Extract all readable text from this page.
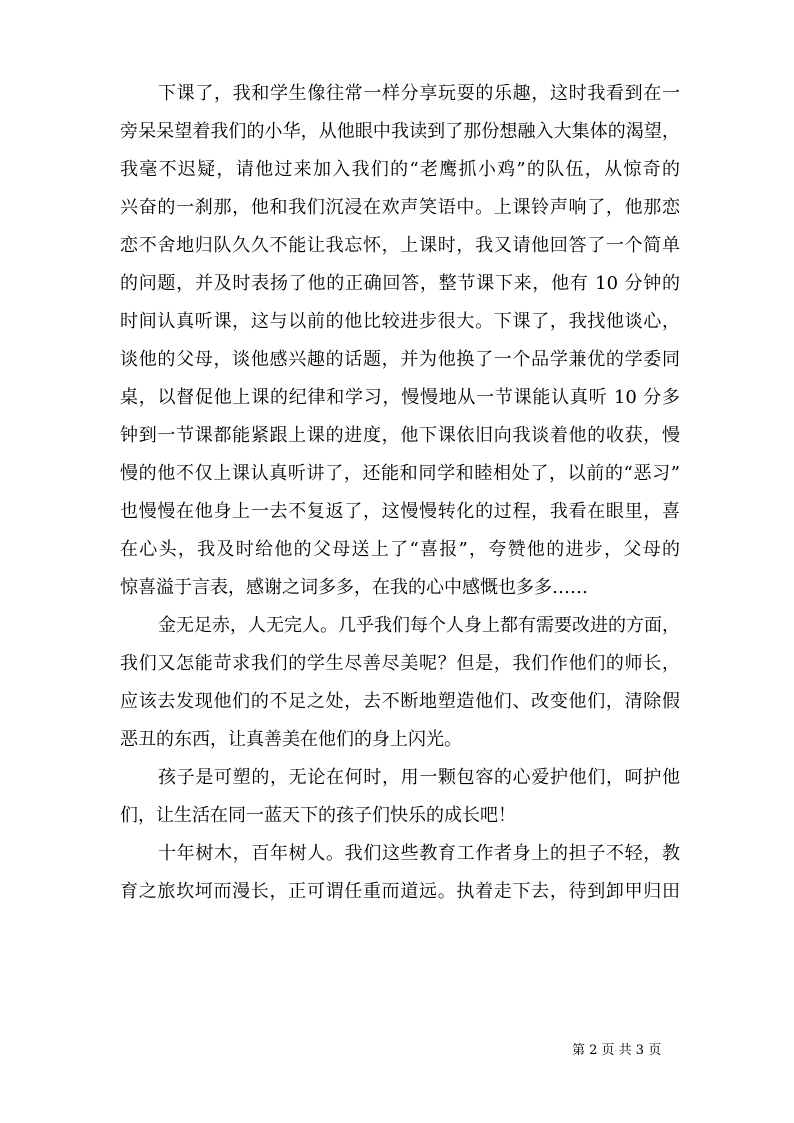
下课了，我和学生像往常一样分享玩耍的乐趣，这时我看到在一
旁呆呆望着我们的小华，从他眼中我读到了那份想融入大集体的渴望，
我毫不迟疑，请他过来加入我们的“老鹰抓小鸡”的队伍，从惊奇的
兴奋的一刹那，他和我们沉浸在欢声笑语中。上课铃声响了，他那恋
恋不舍地归队久久不能让我忘怀，上课时，我又请他回答了一个简单
的问题，并及时表扬了他的正确回答，整节课下来，他有 10 分钟的
时间认真听课，这与以前的他比较进步很大。下课了，我找他谈心，
谈他的父母，谈他感兴趣的话题，并为他换了一个品学兼优的学委同
桌，以督促他上课的纪律和学习，慢慢地从一节课能认真听 10 分多
钟到一节课都能紧跟上课的进度，他下课依旧向我谈着他的收获，慢
慢的他不仅上课认真听讲了，还能和同学和睦相处了，以前的“恶习”
也慢慢在他身上一去不复返了，这慢慢转化的过程，我看在眼里，喜
在心头，我及时给他的父母送上了“喜报”，夸赞他的进步，父母的
惊喜溢于言表，感谢之词多多，在我的心中感慨也多多……
金无足赤，人无完人。几乎我们每个人身上都有需要改进的方面，
我们又怎能苛求我们的学生尽善尽美呢？但是，我们作他们的师长，
应该去发现他们的不足之处，去不断地塑造他们、改变他们，清除假
恶丑的东西，让真善美在他们的身上闪光。
孩子是可塑的，无论在何时，用一颗包容的心爱护他们，呵护他
们，让生活在同一蓝天下的孩子们快乐的成长吧！
十年树木，百年树人。我们这些教育工作者身上的担子不轻，教
育之旅坎坷而漫长，正可谓任重而道远。执着走下去，待到卸甲归田
第 2 页 共 3 页
